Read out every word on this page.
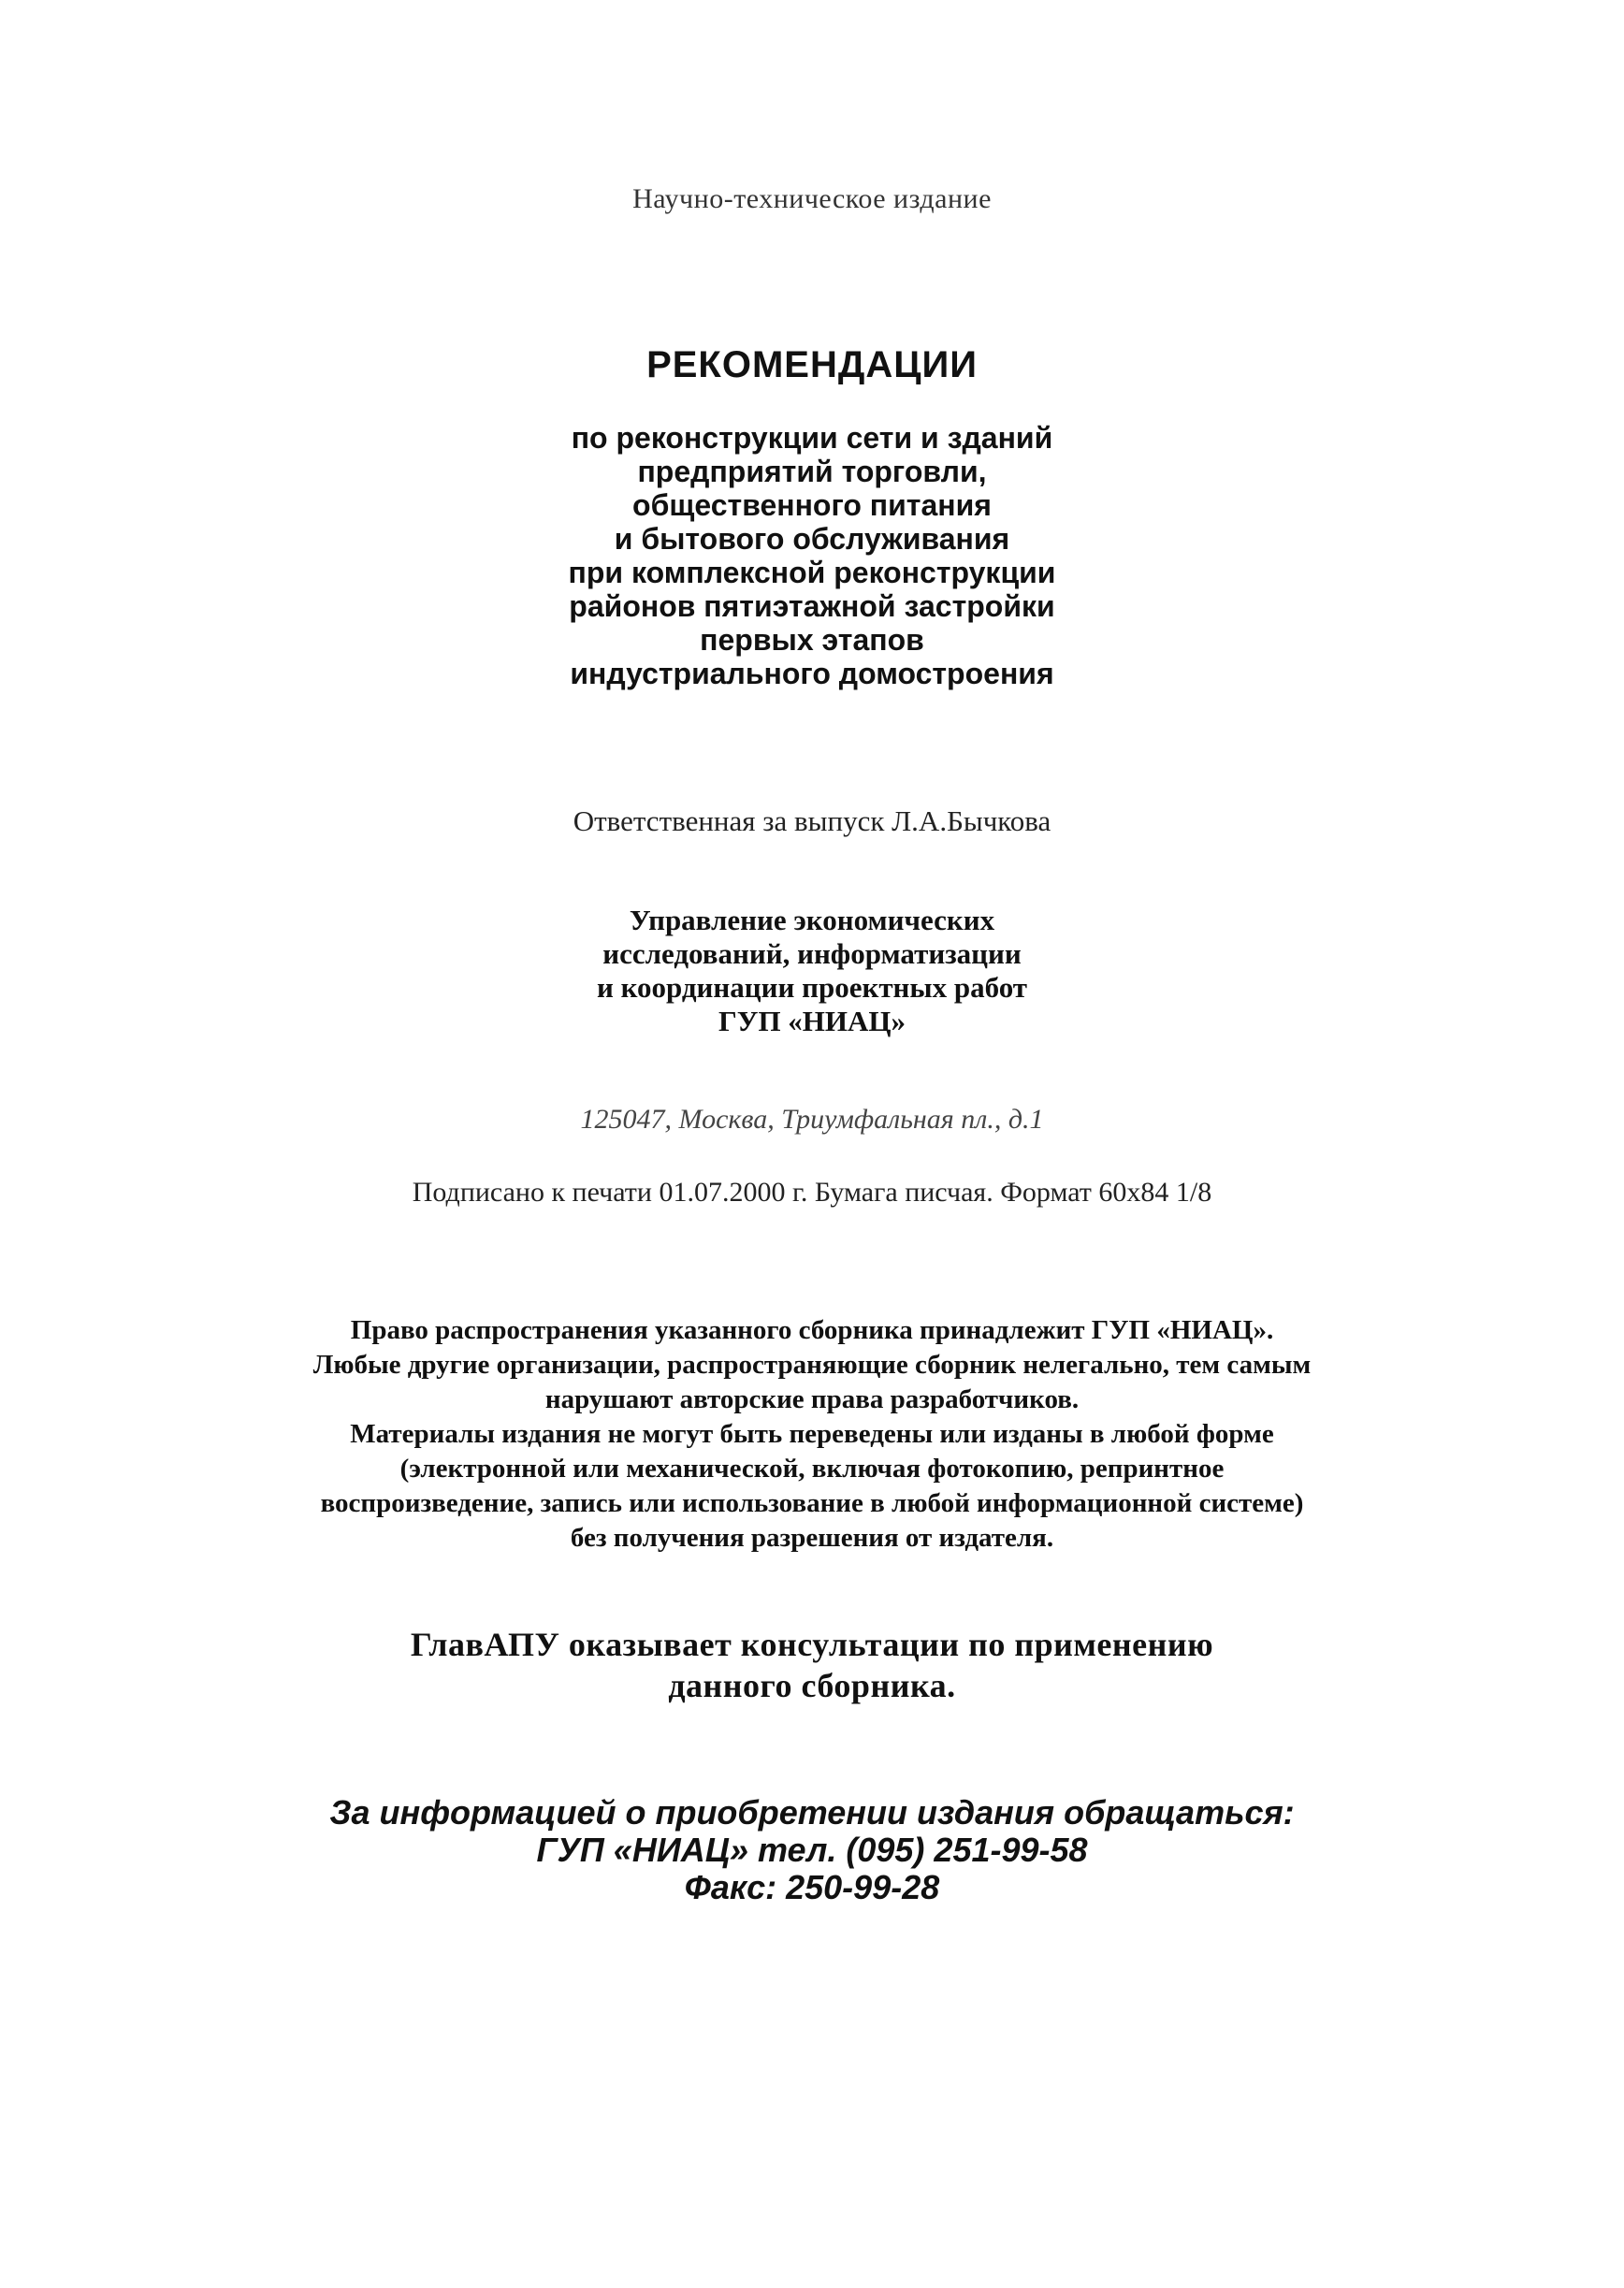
Научно-техническое издание
РЕКОМЕНДАЦИИ
по реконструкции сети и зданий
предприятий торговли,
общественного питания
и бытового обслуживания
при комплексной реконструкции
районов пятиэтажной застройки
первых этапов
индустриального домостроения
Ответственная за выпуск Л.А.Бычкова
Управление экономических
исследований, информатизации
и координации проектных работ
ГУП «НИАЦ»
125047, Москва, Триумфальная пл., д.1
Подписано к печати 01.07.2000 г. Бумага писчая. Формат 60х84 1/8
Право распространения указанного сборника принадлежит ГУП «НИАЦ».
Любые другие организации, распространяющие сборник нелегально, тем самым
нарушают авторские права разработчиков.
Материалы издания не могут быть переведены или изданы в любой форме
(электронной или механической, включая фотокопию, репринтное
воспроизведение, запись или использование в любой информационной системе)
без получения разрешения от издателя.
ГлавАПУ оказывает консультации по применению
данного сборника.
За информацией о приобретении издания обращаться:
ГУП «НИАЦ» тел. (095) 251-99-58
Факс: 250-99-28
